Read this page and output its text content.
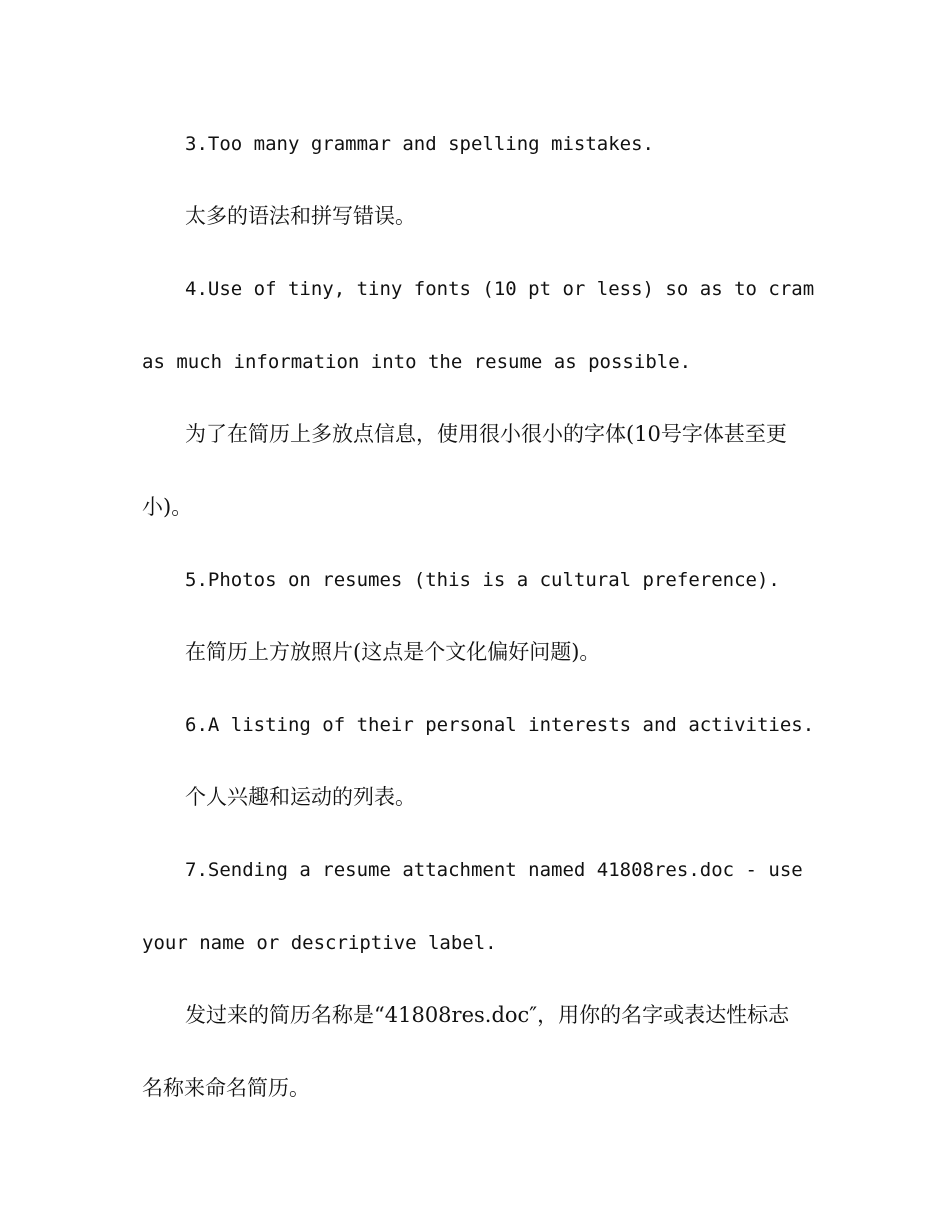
3.Too many grammar and spelling mistakes.

太多的语法和拼写错误。

4.Use of tiny, tiny fonts (10 pt or less) so as to cram

as much information into the resume as possible.

为了在简历上多放点信息，使用很小很小的字体(10号字体甚至更

小)。

5.Photos on resumes (this is a cultural preference).

在简历上方放照片(这点是个文化偏好问题)。

6.A listing of their personal interests and activities.

个人兴趣和运动的列表。

7.Sending a resume attachment named 41808res.doc - use

your name or descriptive label.

发过来的简历名称是“41808res.doc″，用你的名字或表达性标志

名称来命名简历。
